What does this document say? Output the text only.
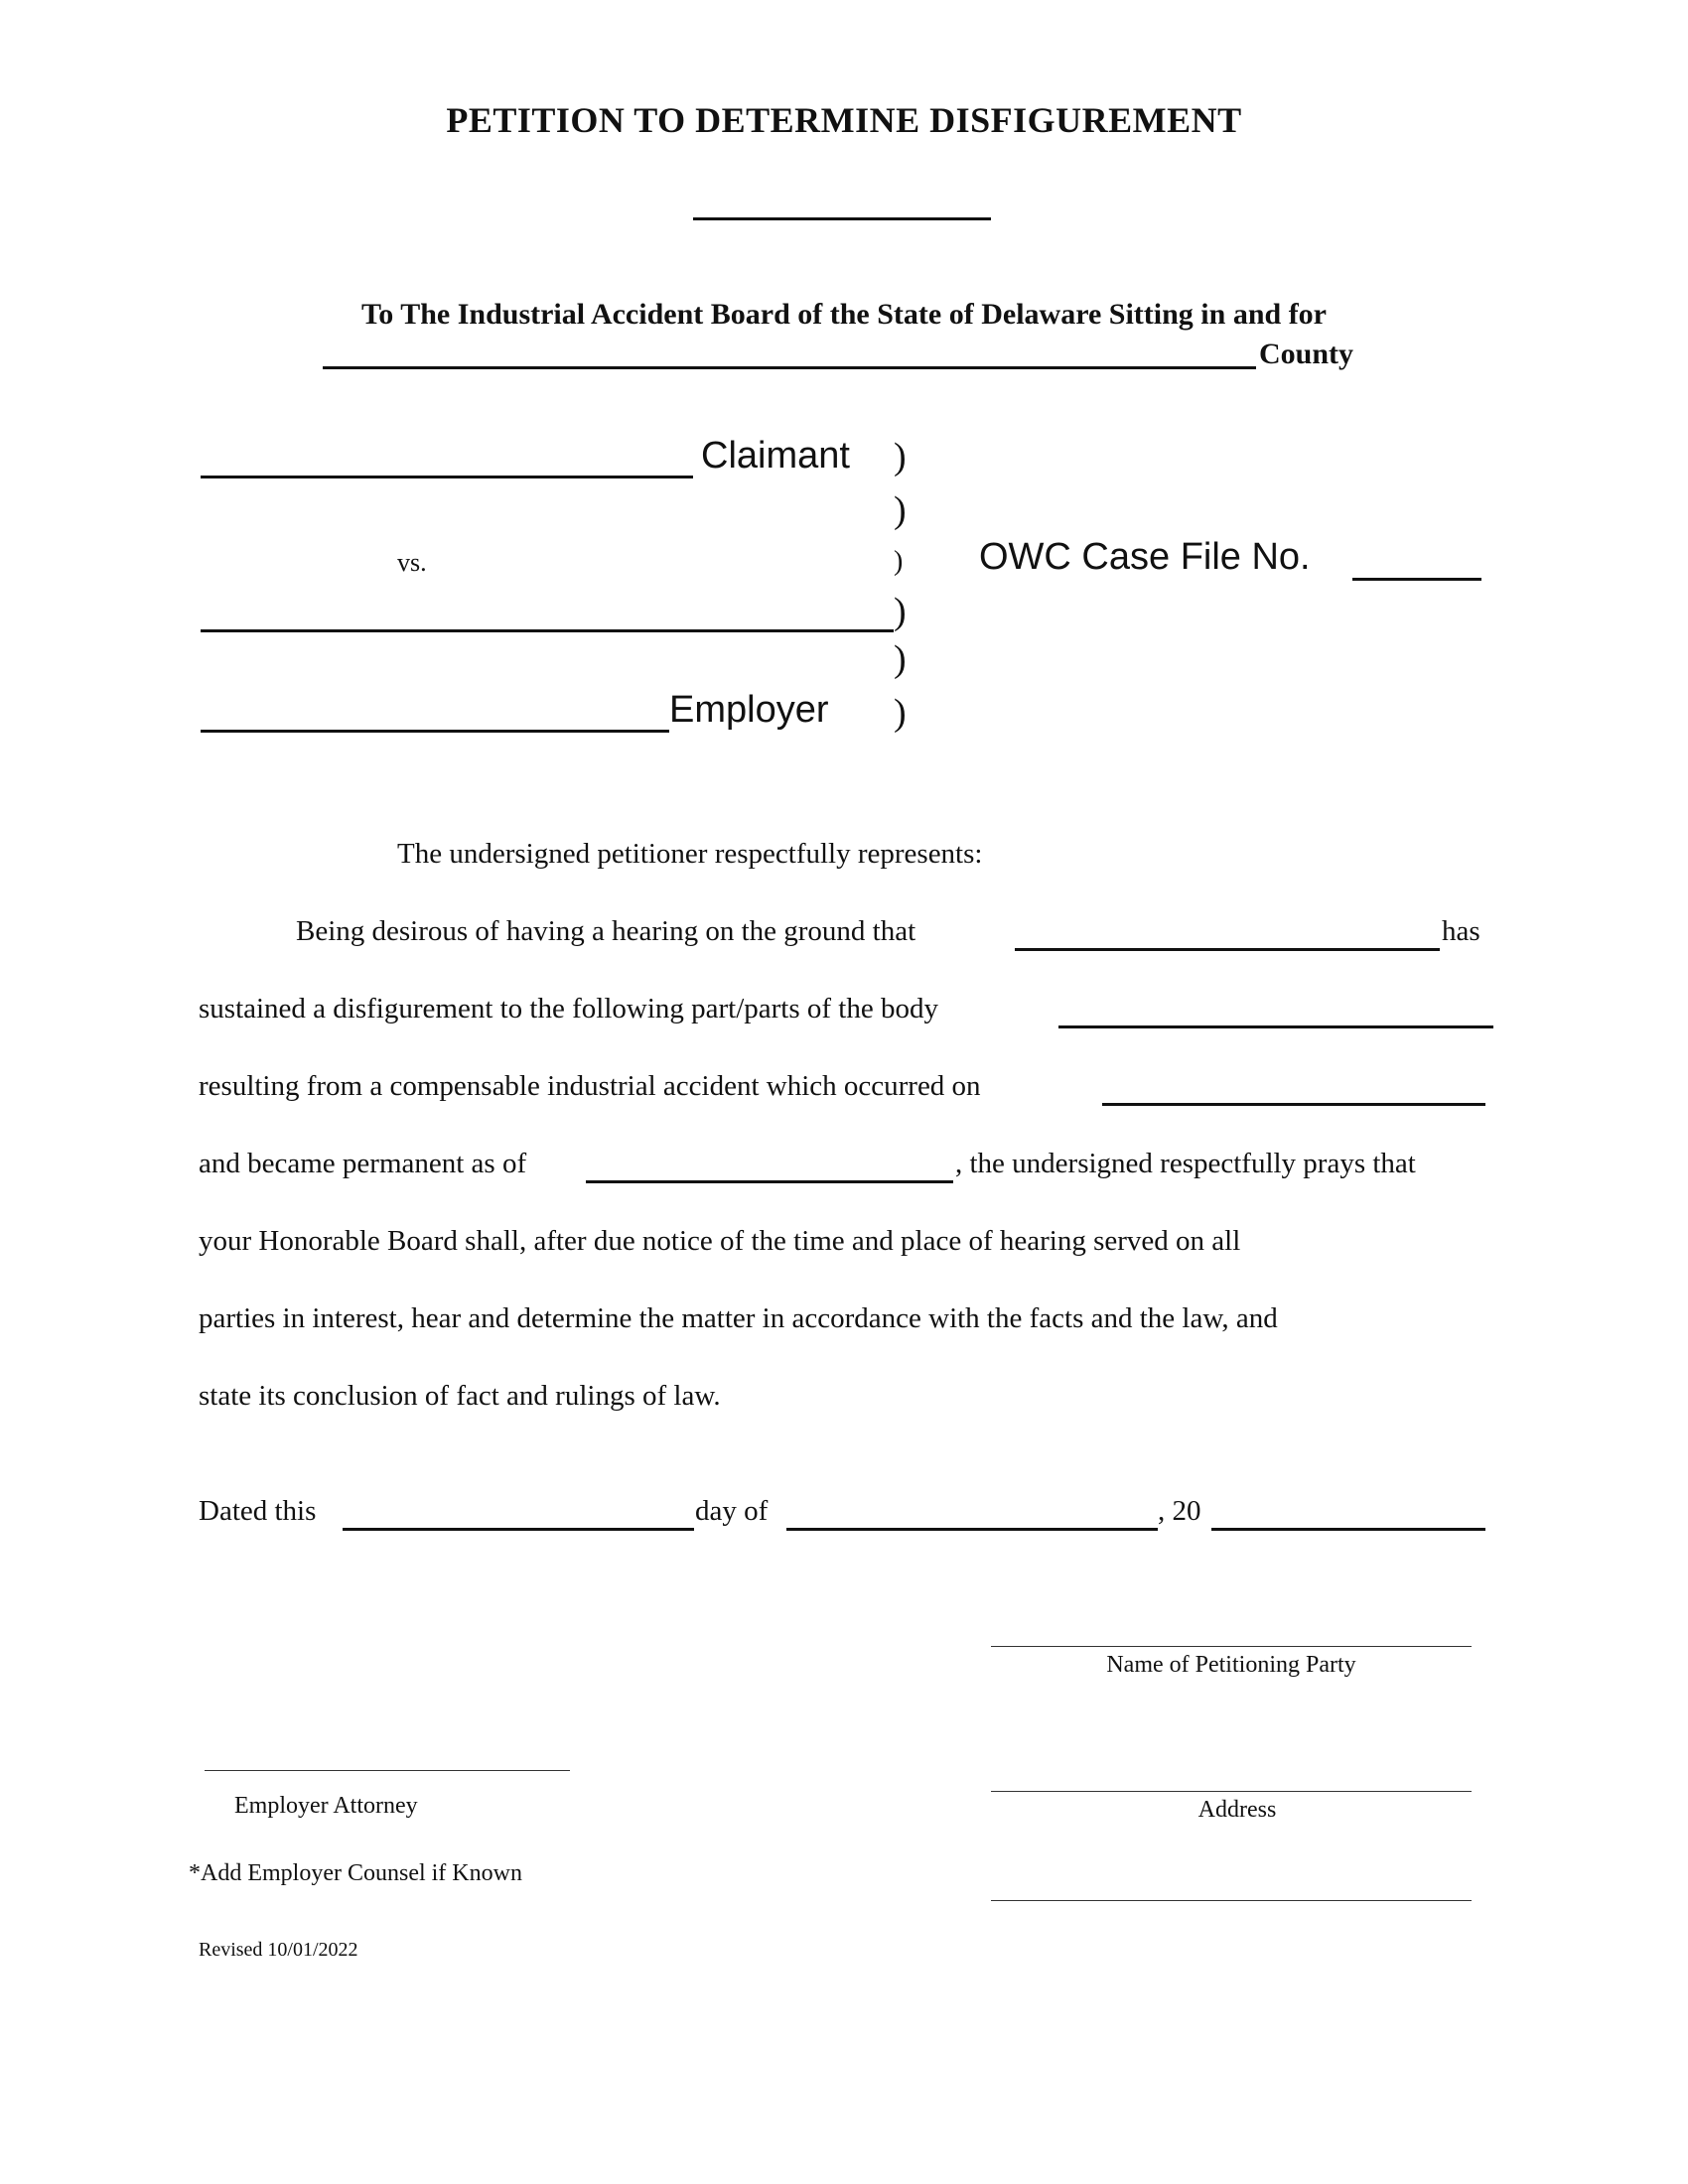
PETITION TO DETERMINE DISFIGUREMENT
To The Industrial Accident Board of the State of Delaware Sitting in and for
County
Claimant )
)
vs.	) OWC Case File No.
)
)
Employer )
The undersigned petitioner respectfully represents:
Being desirous of having a hearing on the ground that	has
sustained a disfigurement to the following part/parts of the body
resulting from a compensable industrial accident which occurred on
and became permanent as of	, the undersigned respectfully prays that
your Honorable Board shall, after due notice of the time and place of hearing served on all
parties in interest, hear and determine the matter in accordance with the facts and the law, and
state its conclusion of fact and rulings of law.
Dated this	day of	, 20
Name of Petitioning Party
Employer Attorney	Address
*Add Employer Counsel if Known
Revised 10/01/2022
